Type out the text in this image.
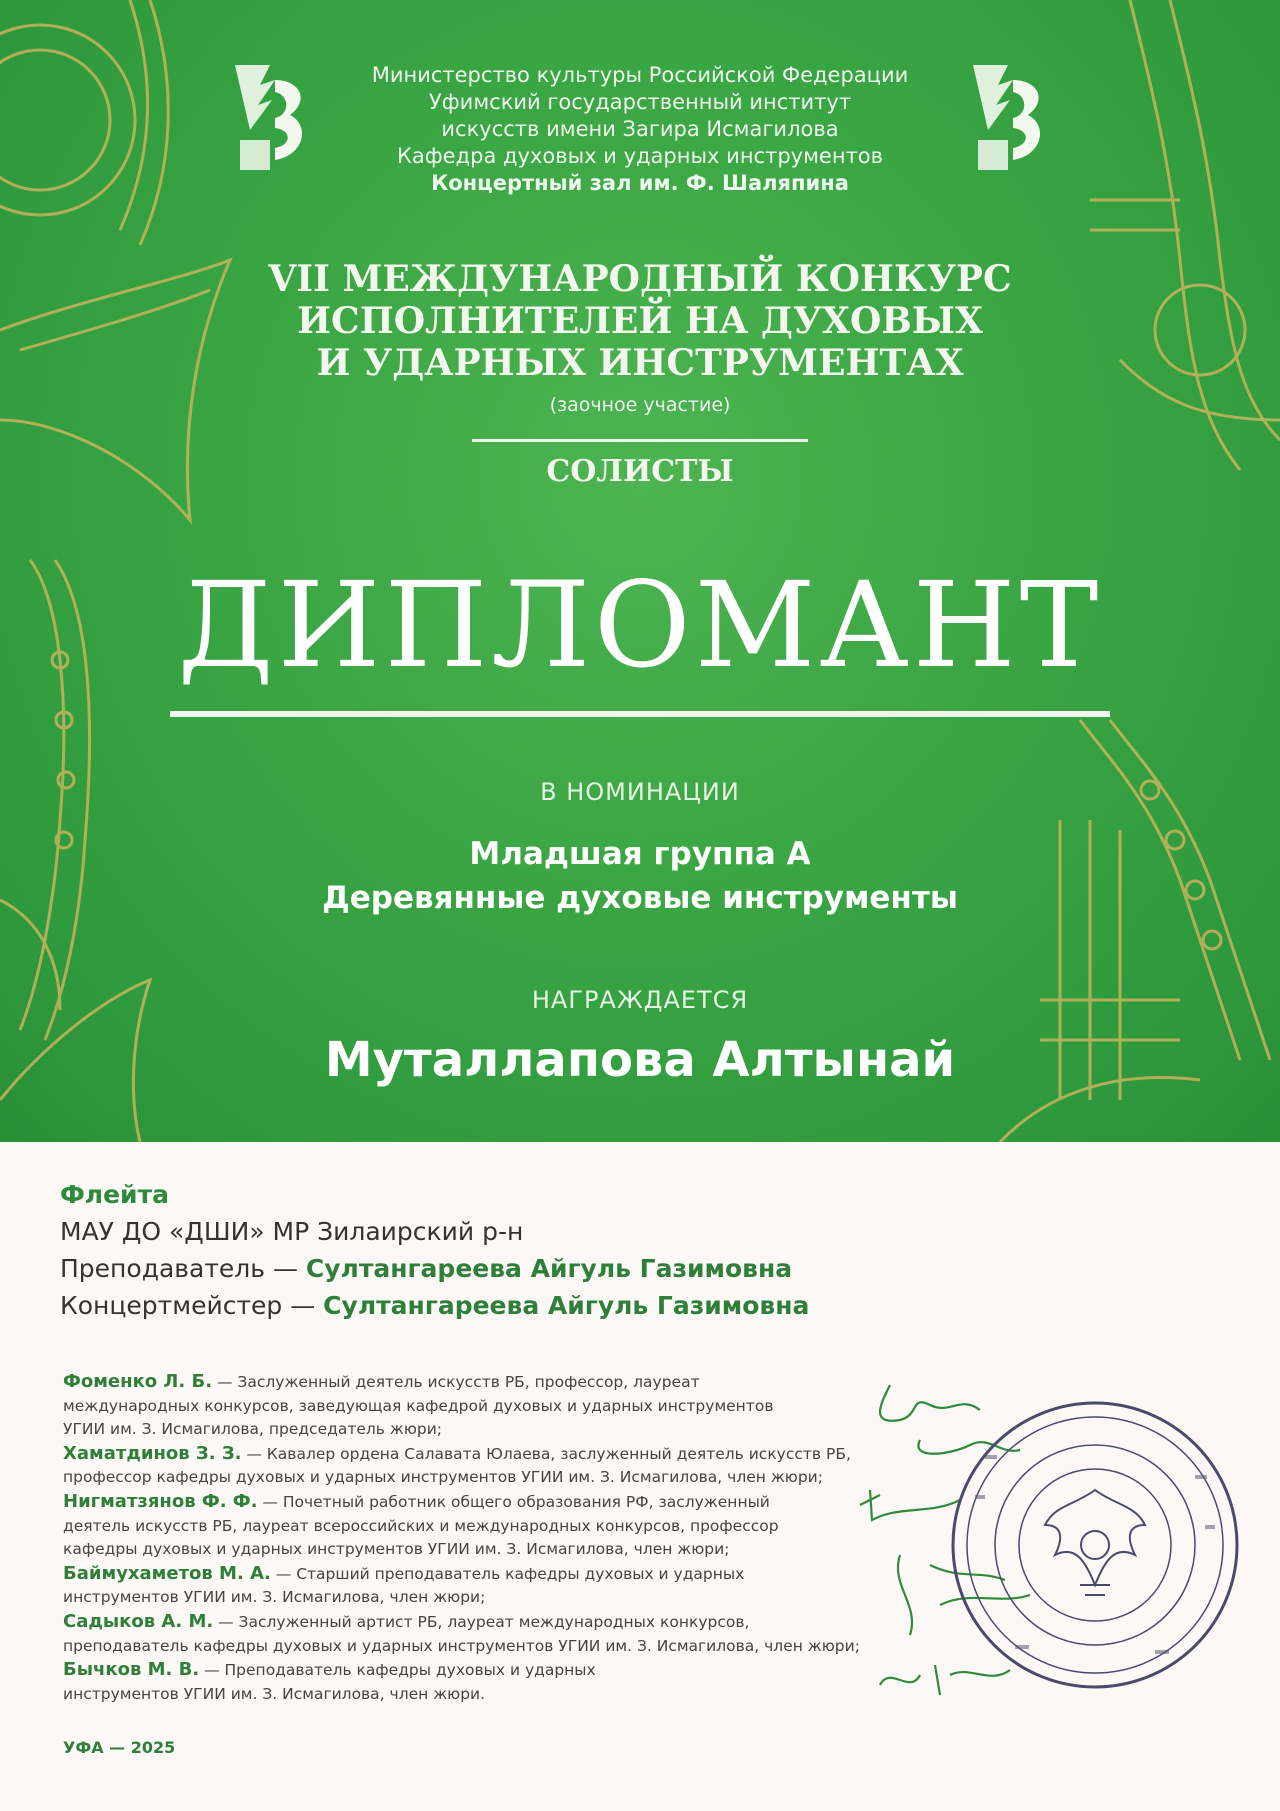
Министерство культуры Российской Федерации
Уфимский государственный институт
искусств имени Загира Исмагилова
Кафедра духовых и ударных инструментов
Концертный зал им. Ф. Шаляпина
VII МЕЖДУНАРОДНЫЙ КОНКУРС
ИСПОЛНИТЕЛЕЙ НА ДУХОВЫХ
И УДАРНЫХ ИНСТРУМЕНТАХ
(заочное участие)
СОЛИСТЫ
ДИПЛОМАНТ
В НОМИНАЦИИ
Младшая группа А
Деревянные духовые инструменты
НАГРАЖДАЕТСЯ
Муталлапова Алтынай
Флейта
МАУ ДО «ДШИ» МР Зилаирский р-н
Преподаватель — Султангареева Айгуль Газимовна
Концертмейстер — Султангареева Айгуль Газимовна
Фоменко Л. Б. — Заслуженный деятель искусств РБ, профессор, лауреат
международных конкурсов, заведующая кафедрой духовых и ударных инструментов
УГИИ им. З. Исмагилова, председатель жюри;
Хаматдинов З. З. — Кавалер ордена Салавата Юлаева, заслуженный деятель искусств РБ,
профессор кафедры духовых и ударных инструментов УГИИ им. З. Исмагилова, член жюри;
Нигматзянов Ф. Ф. — Почетный работник общего образования РФ, заслуженный
деятель искусств РБ, лауреат всероссийских и международных конкурсов, профессор
кафедры духовых и ударных инструментов УГИИ им. З. Исмагилова, член жюри;
Баймухаметов М. А. — Старший преподаватель кафедры духовых и ударных
инструментов УГИИ им. З. Исмагилова, член жюри;
Садыков А. М. — Заслуженный артист РБ, лауреат международных конкурсов,
преподаватель кафедры духовых и ударных инструментов УГИИ им. З. Исмагилова, член жюри;
Бычков М. В. — Преподаватель кафедры духовых и ударных
инструментов УГИИ им. З. Исмагилова, член жюри.
УФА — 2025
